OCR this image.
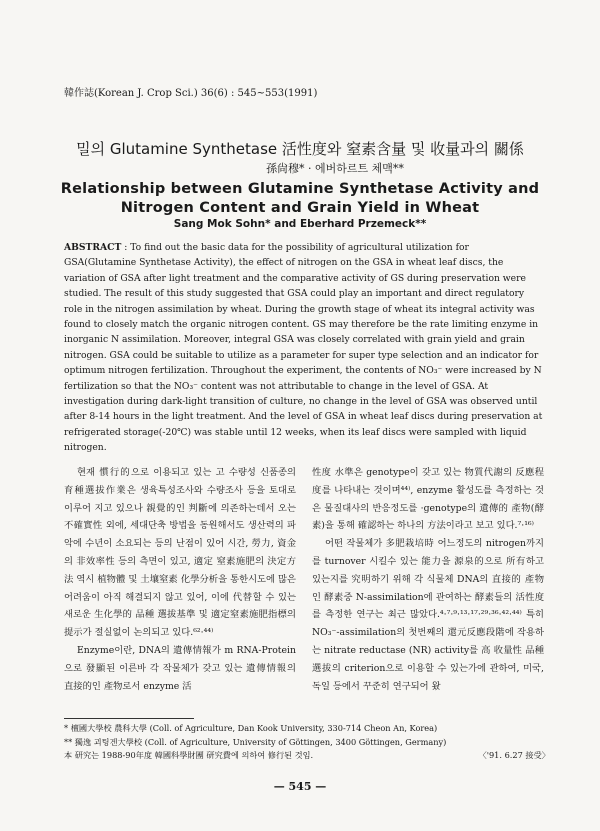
韓作誌(Korean J. Crop Sci.) 36(6) : 545~553(1991)
밀의 Glutamine Synthetase 活性度와 窒素含量 및 收量과의 關係
孫尙穆* · 에버하르트 체맥**
Relationship between Glutamine Synthetase Activity and
Nitrogen Content and Grain Yield in Wheat
Sang Mok Sohn* and Eberhard Przemeck**
ABSTRACT : To find out the basic data for the possibility of agricultural utilization for GSA(Glutamine Synthetase Activity), the effect of nitrogen on the GSA in wheat leaf discs, the variation of GSA after light treatment and the comparative activity of GS during preservation were studied. The result of this study suggested that GSA could play an important and direct regulatory role in the nitrogen assimilation by wheat. During the growth stage of wheat its integral activity was found to closely match the organic nitrogen content. GS may therefore be the rate limiting enzyme in inorganic N assimilation. Moreover, integral GSA was closely correlated with grain yield and grain nitrogen. GSA could be suitable to utilize as a parameter for super type selection and an indicator for optimum nitrogen fertilization. Throughout the experiment, the contents of NO₃⁻ were increased by N fertilization so that the NO₃⁻ content was not attributable to change in the level of GSA. At investigation during dark-light transition of culture, no change in the level of GSA was observed until after 8-14 hours in the light treatment. And the level of GSA in wheat leaf discs during preservation at refrigerated storage(-20℃) was stable until 12 weeks, when its leaf discs were sampled with liquid nitrogen.

현재 慣行的으로 이용되고 있는 고 수량성 신품종의 育種選拔作業은 생육특성조사와 수량조사 등을 토대로 이루어 지고 있으나 親覺的인 判斷에 의존하는데서 오는 不確實性 외에, 세대단축 방법을 동원해서도 생산력의 파악에 수년이 소요되는 등의 난점이 있어 시간, 勞力, 資金의 非效率性 등의 측면이 있고, 適定 窒素施肥의 決定方法 역시 植物體 및 土壤窒素 化學分析을 통한시도에 많은 어려움이 아직 해결되지 않고 있어, 이에 代替할 수 있는 새로운 生化學的 品種 選拔基準 및 適定窒素施肥指標의 提示가 절실없이 논의되고 있다.⁶²·⁴⁴⁾

Enzyme이란, DNA의 遺傳情報가 m RNA-Protein으로 發顯된 이른바 각 작물체가 갖고 있는 遺傳情報의 直接的인 產物로서 enzyme 活

性度 水準은 genotype이 갖고 있는 物質代謝의 反應程度를 나타내는 것이며⁴⁴⁾, enzyme 활성도를 측정하는 것은 물질대사의 반응정도를 ·genotype의 遺傳的 產物(酵素)을 통해 確認하는 하나의 方法이라고 보고 있다.⁷·¹⁶⁾

어떤 작물체가 多肥栽培時 어느정도의 nitrogen까지를 turnover 시킬수 있는 能力을 源泉的으로 所有하고 있는지를 究明하기 위해 각 식물체 DNA의 直接的 產物인 酵素중 N-assimilation에 관여하는 酵素들의 活性度를 측정한 연구는 최근 많았다.⁴·⁷·⁹·¹³·¹⁷·²⁹·³⁶·⁴²·⁴⁴⁾ 특히 NO₃⁻-assimilation의 첫번째의 還元反應段階에 작용하는 nitrate reductase (NR) activity를 高 收量性 品種選拔의 criterion으로 이용할 수 있는가에 관하여, 미국, 독일 등에서 꾸준히 연구되어 왔

* 檀國大學校 農科大學 (Coll. of Agriculture, Dan Kook University, 330-714 Cheon An, Korea)
** 獨逸 괴팅겐大學校 (Coll. of Agriculture, University of Göttingen, 3400 Göttingen, Germany)
本 研究는 1988-90年度 韓國科學財團 研究費에 의하여 修行된 것임.	〈'91. 6.27 接受〉
— 545 —
